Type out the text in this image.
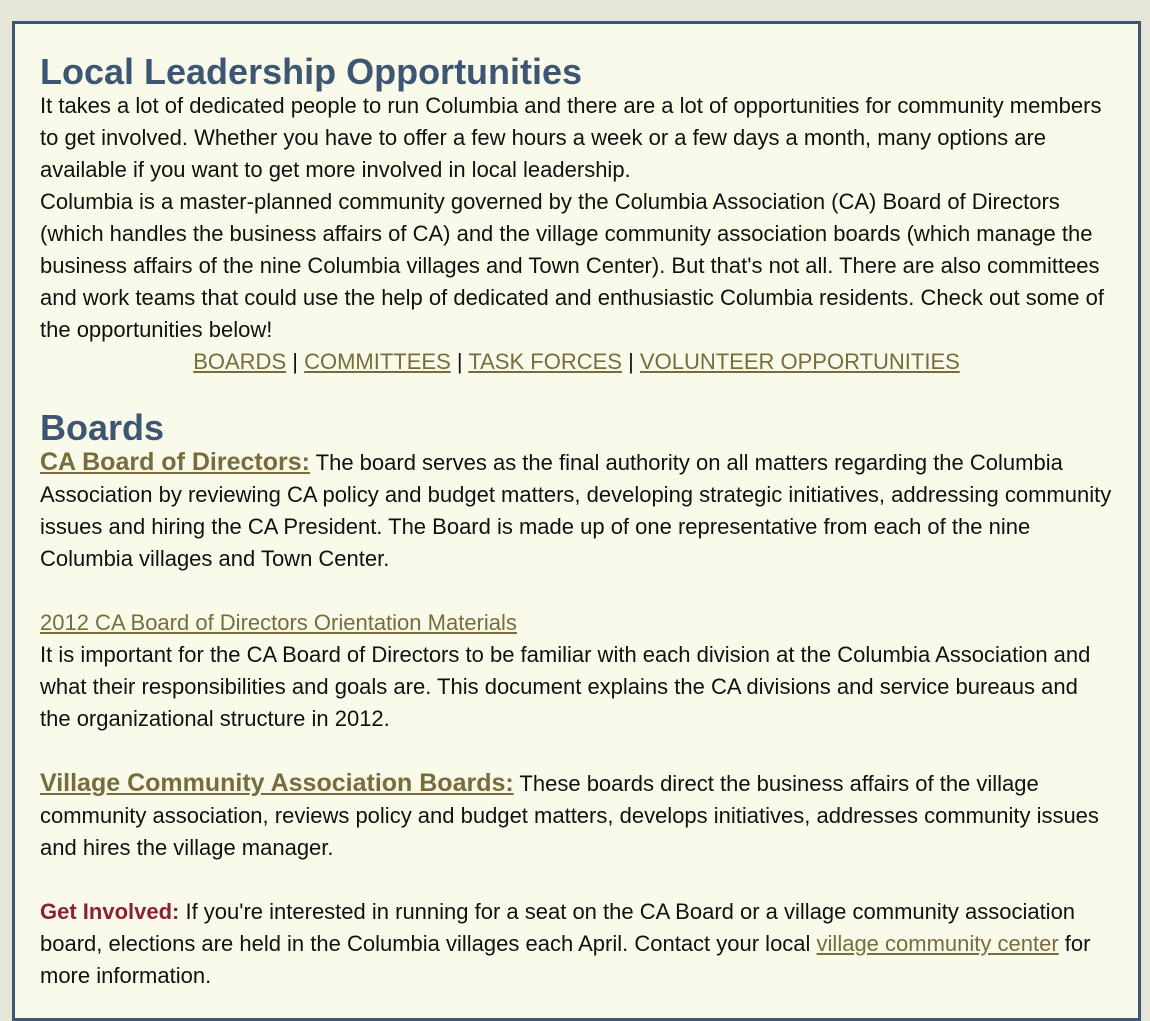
Local Leadership Opportunities

It takes a lot of dedicated people to run Columbia and there are a lot of opportunities for community members to get involved. Whether you have to offer a few hours a week or a few days a month, many options are available if you want to get more involved in local leadership.

Columbia is a master-planned community governed by the Columbia Association (CA) Board of Directors (which handles the business affairs of CA) and the village community association boards (which manage the business affairs of the nine Columbia villages and Town Center). But that's not all. There are also committees and work teams that could use the help of dedicated and enthusiastic Columbia residents. Check out some of the opportunities below!

BOARDS | COMMITTEES | TASK FORCES | VOLUNTEER OPPORTUNITIES
Boards

CA Board of Directors: The board serves as the final authority on all matters regarding the Columbia Association by reviewing CA policy and budget matters, developing strategic initiatives, addressing community issues and hiring the CA President. The Board is made up of one representative from each of the nine Columbia villages and Town Center.

2012 CA Board of Directors Orientation Materials

It is important for the CA Board of Directors to be familiar with each division at the Columbia Association and what their responsibilities and goals are. This document explains the CA divisions and service bureaus and the organizational structure in 2012.

Village Community Association Boards: These boards direct the business affairs of the village community association, reviews policy and budget matters, develops initiatives, addresses community issues and hires the village manager.

Get Involved: If you're interested in running for a seat on the CA Board or a village community association board, elections are held in the Columbia villages each April. Contact your local village community center for more information.
